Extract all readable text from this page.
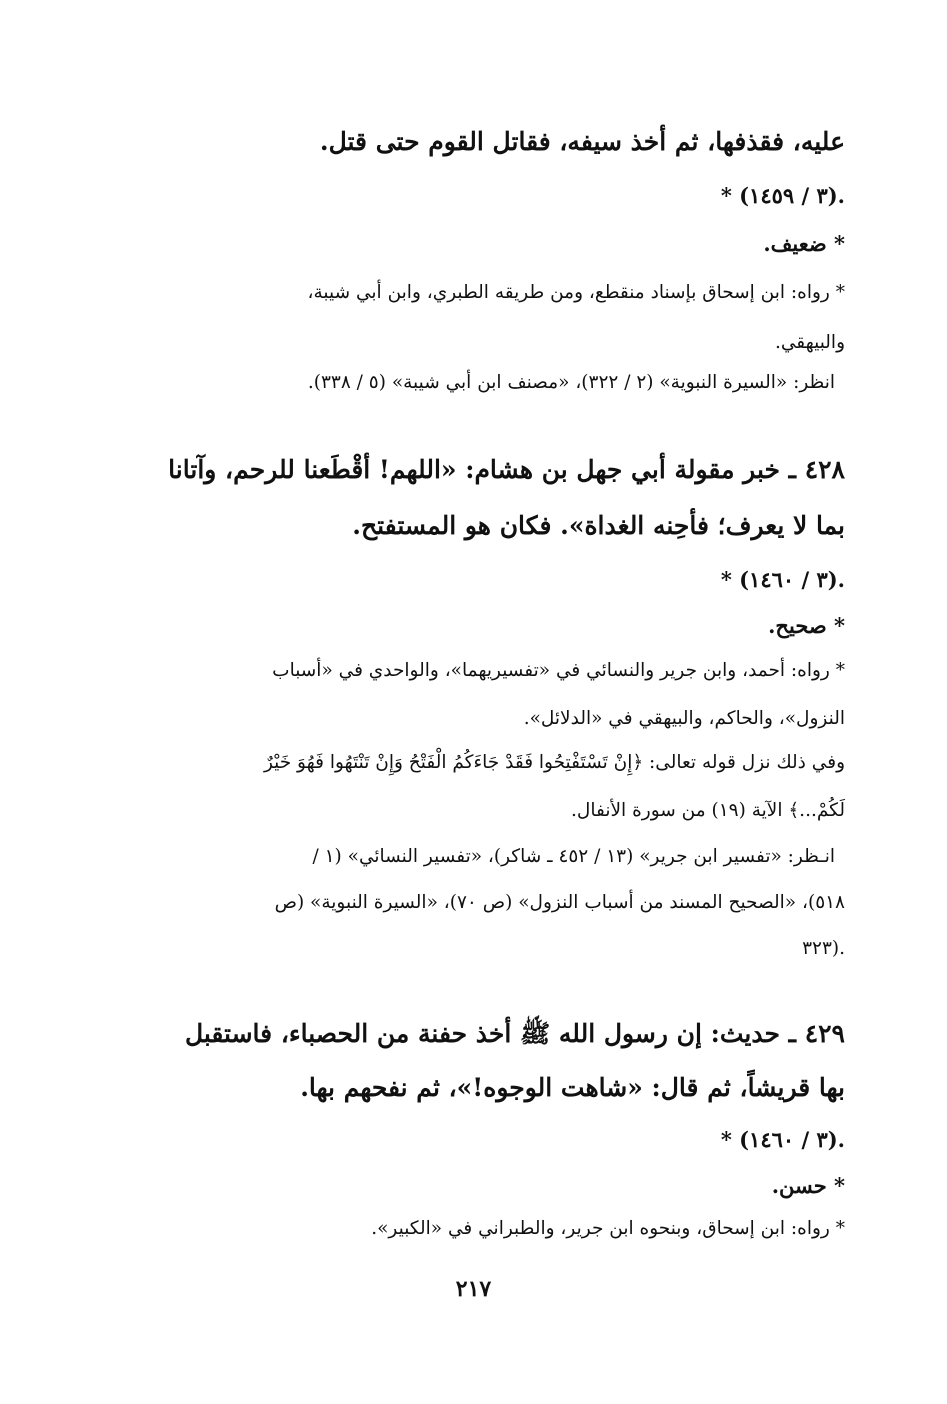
عليه، فقذفها، ثم أخذ سيفه، فقاتل القوم حتى قتل.
* (٣ / ١٤٥٩).
* ضعيف.
* رواه: ابن إسحاق بإسناد منقطع، ومن طريقه الطبري، وابن أبي شيبة،
والبيهقي.
انظر: «السيرة النبوية» (٢ / ٣٢٢)، «مصنف ابن أبي شيبة» (٥ / ٣٣٨).
٤٢٨ ـ خبر مقولة أبي جهل بن هشام: «اللهم! أقْطَعنا للرحم، وآتانا
بما لا يعرف؛ فأحِنه الغداة». فكان هو المستفتح.
* (٣ / ١٤٦٠).
* صحيح.
* رواه: أحمد، وابن جرير والنسائي في «تفسيريهما»، والواحدي في «أسباب
النزول»، والحاكم، والبيهقي في «الدلائل».
وفي ذلك نزل قوله تعالى: ﴿إِنْ تَسْتَفْتِحُوا فَقَدْ جَاءَكُمُ الْفَتْحُ وَإِنْ تَنْتَهُوا فَهُوَ خَيْرٌ
لَكُمْ...﴾ الآية (١٩) من سورة الأنفال.
انـظر: «تفسير ابن جرير» (١٣ / ٤٥٢ ـ شاكر)، «تفسير النسائي» (١ /
٥١٨)، «الصحيح المسند من أسباب النزول» (ص ٧٠)، «السيرة النبوية» (ص
٣٢٣).
٤٢٩ ـ حديث: إن رسول الله ﷺ أخذ حفنة من الحصباء، فاستقبل
بها قريشاً، ثم قال: «شاهت الوجوه!»، ثم نفحهم بها.
* (٣ / ١٤٦٠).
* حسن.
* رواه: ابن إسحاق، وبنحوه ابن جرير، والطبراني في «الكبير».
٢١٧
